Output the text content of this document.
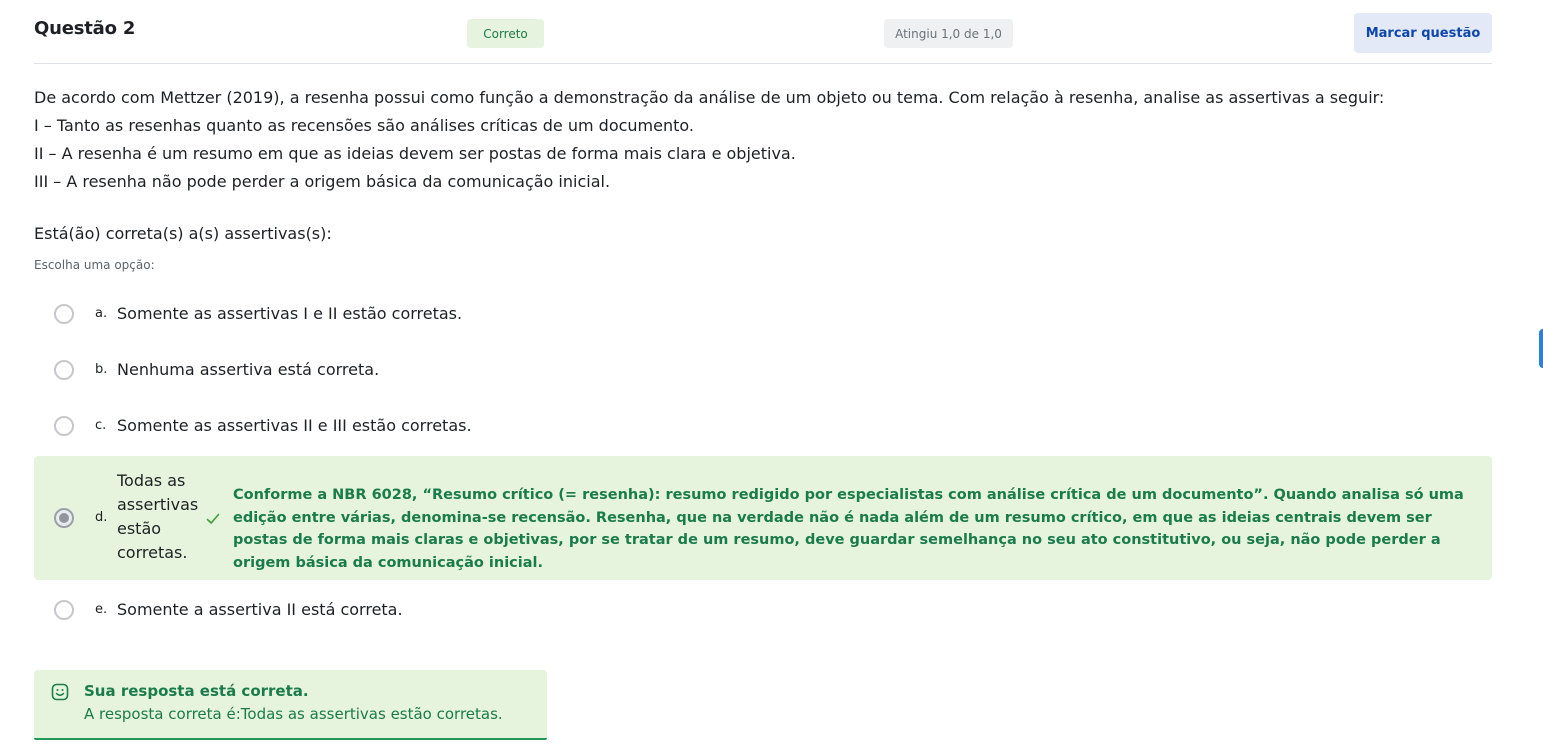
Questão 2	Correto	Atingiu 1,0 de 1,0	Marcar questão

De acordo com Mettzer (2019), a resenha possui como função a demonstração da análise de um objeto ou tema. Com relação à resenha, analise as assertivas a seguir:

I – Tanto as resenhas quanto as recensões são análises críticas de um documento.

II – A resenha é um resumo em que as ideias devem ser postas de forma mais clara e objetiva.

III – A resenha não pode perder a origem básica da comunicação inicial.

Está(ão) correta(s) a(s) assertivas(s):
Escolha uma opção:
a. Somente as assertivas I e II estão corretas.
b. Nenhuma assertiva está correta.
c. Somente as assertivas II e III estão corretas.
d.
Todas as assertivas estão corretas.
Conforme a NBR 6028, “Resumo crítico (= resenha): resumo redigido por especialistas com análise crítica de um documento”. Quando analisa só uma edição entre várias, denomina-se recensão. Resenha, que na verdade não é nada além de um resumo crítico, em que as ideias centrais devem ser postas de forma mais claras e objetivas, por se tratar de um resumo, deve guardar semelhança no seu ato constitutivo, ou seja, não pode perder a origem básica da comunicação inicial.
e. Somente a assertiva II está correta.
Sua resposta está correta.
A resposta correta é:Todas as assertivas estão corretas.
